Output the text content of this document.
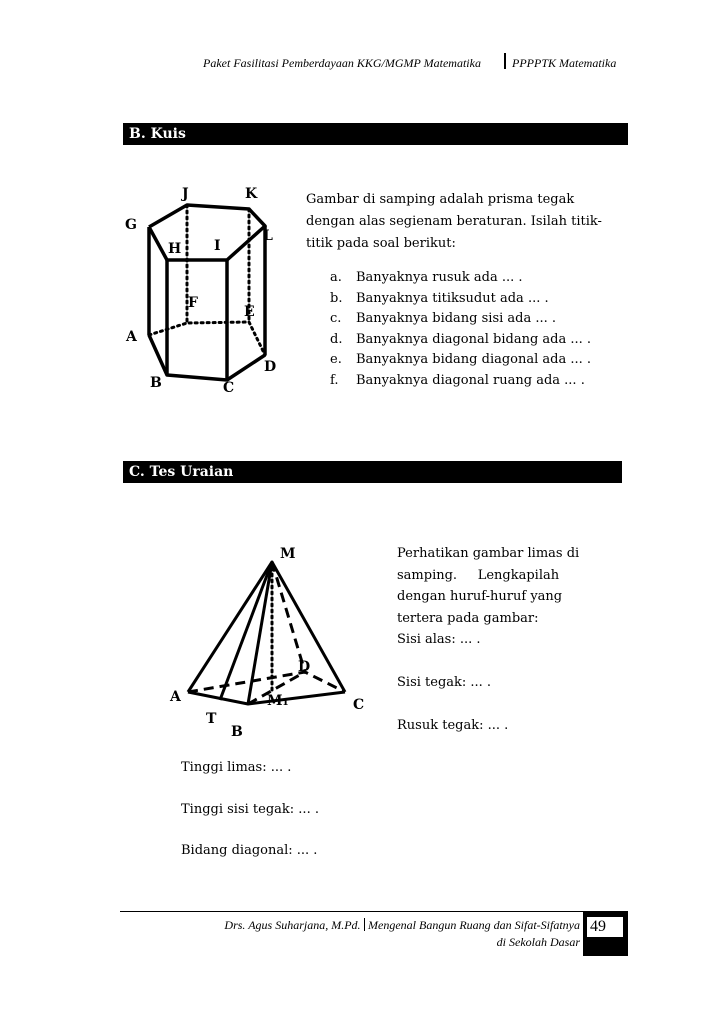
Paket Fasilitasi Pemberdayaan KKG/MGMP Matematika	PPPPTK Matematika
B. Kuis
J	K
G
L
H I
F
E
A
D
B	C
Gambar di samping adalah prisma tegak dengan alas segienam beraturan. Isilah titik-titik pada soal berikut:
a. Banyaknya rusuk ada ... .
b. Banyaknya titiksudut ada ... .
c. Banyaknya bidang sisi ada ... .
d. Banyaknya diagonal bidang ada ... .
e. Banyaknya bidang diagonal ada ... .
f. Banyaknya diagonal ruang ada ... .
C. Tes Uraian
M
D
A	M₁	C
T
B
Perhatikan gambar limas di
samping.     Lengkapilah
dengan huruf-huruf yang
tertera pada gambar:
Sisi alas: ... .

Sisi tegak: ... .

Rusuk tegak: ... .
Tinggi limas: ... .
Tinggi sisi tegak: ... .
Bidang diagonal: ... .
Drs. Agus Suharjana, M.Pd. Mengenal Bangun Ruang dan Sifat-Sifatnya
di Sekolah Dasar
49
